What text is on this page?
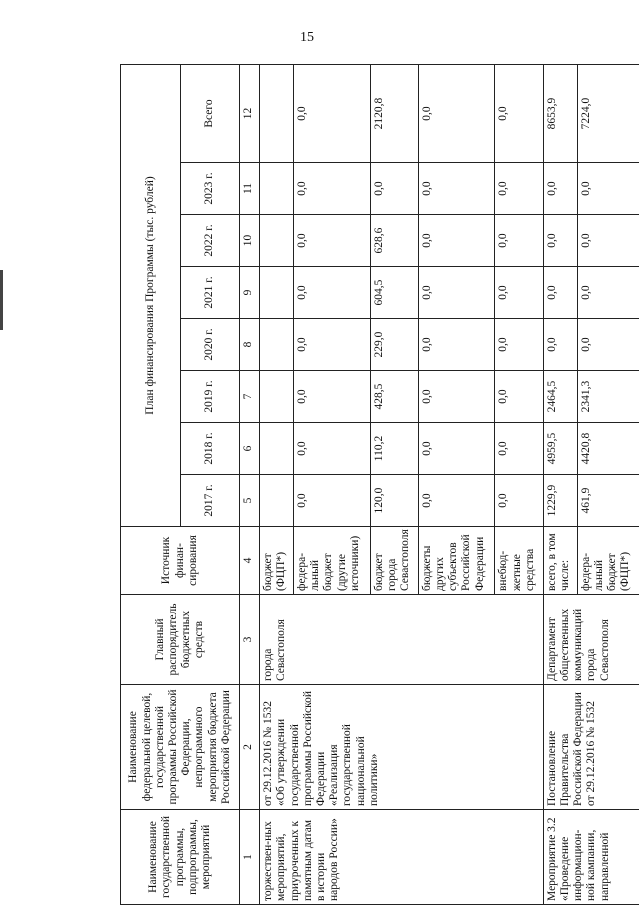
15
Наименование государственной программы, подпрограммы, мероприятий	Наименование федеральной целевой, государственной программы Российской Федерации, непрограммного мероприятия бюджета Российской Федерации	Главный распорядитель бюджетных средств	Источник финан-сирования	План финансирования Программы (тыс. рублей)							
				2017 г.	2018 г.	2019 г.	2020 г.	2021 г.	2022 г.	2023 г.	Всего
1	2	3	4	5	6	7	8	9	10	11	12
торжествен-ных мероприятий, приуроченных к памятным датам в истории народов России»	от 29.12.2016 № 1532 «Об утверждении государственной программы Российской Федерации «Реализация государственной национальной политики»	города Севастополя	бюджет (ФЦП*)								
			федера-льный бюджет (другие источники)	0,0	0,0	0,0	0,0	0,0	0,0	0,0	0,0
			бюджет города Севастополя	120,0	110,2	428,5	229,0	604,5	628,6	0,0	2120,8
			бюджеты других субъектов Российской Федерации	0,0	0,0	0,0	0,0	0,0	0,0	0,0	0,0
			внебюд-жетные средства	0,0	0,0	0,0	0,0	0,0	0,0	0,0	0,0
Мероприятие 3.2 «Проведение информацион-ной кампании, направленной	Постановление Правительства Российской Федерации от 29.12.2016 № 1532	Департамент общественных коммуникаций города Севастополя	всего, в том числе:	1229,9	4959,5	2464,5	0,0	0,0	0,0	0,0	8653,9
			федера-льный бюджет (ФЦП*)	461,9	4420,8	2341,3	0,0	0,0	0,0	0,0	7224,0
